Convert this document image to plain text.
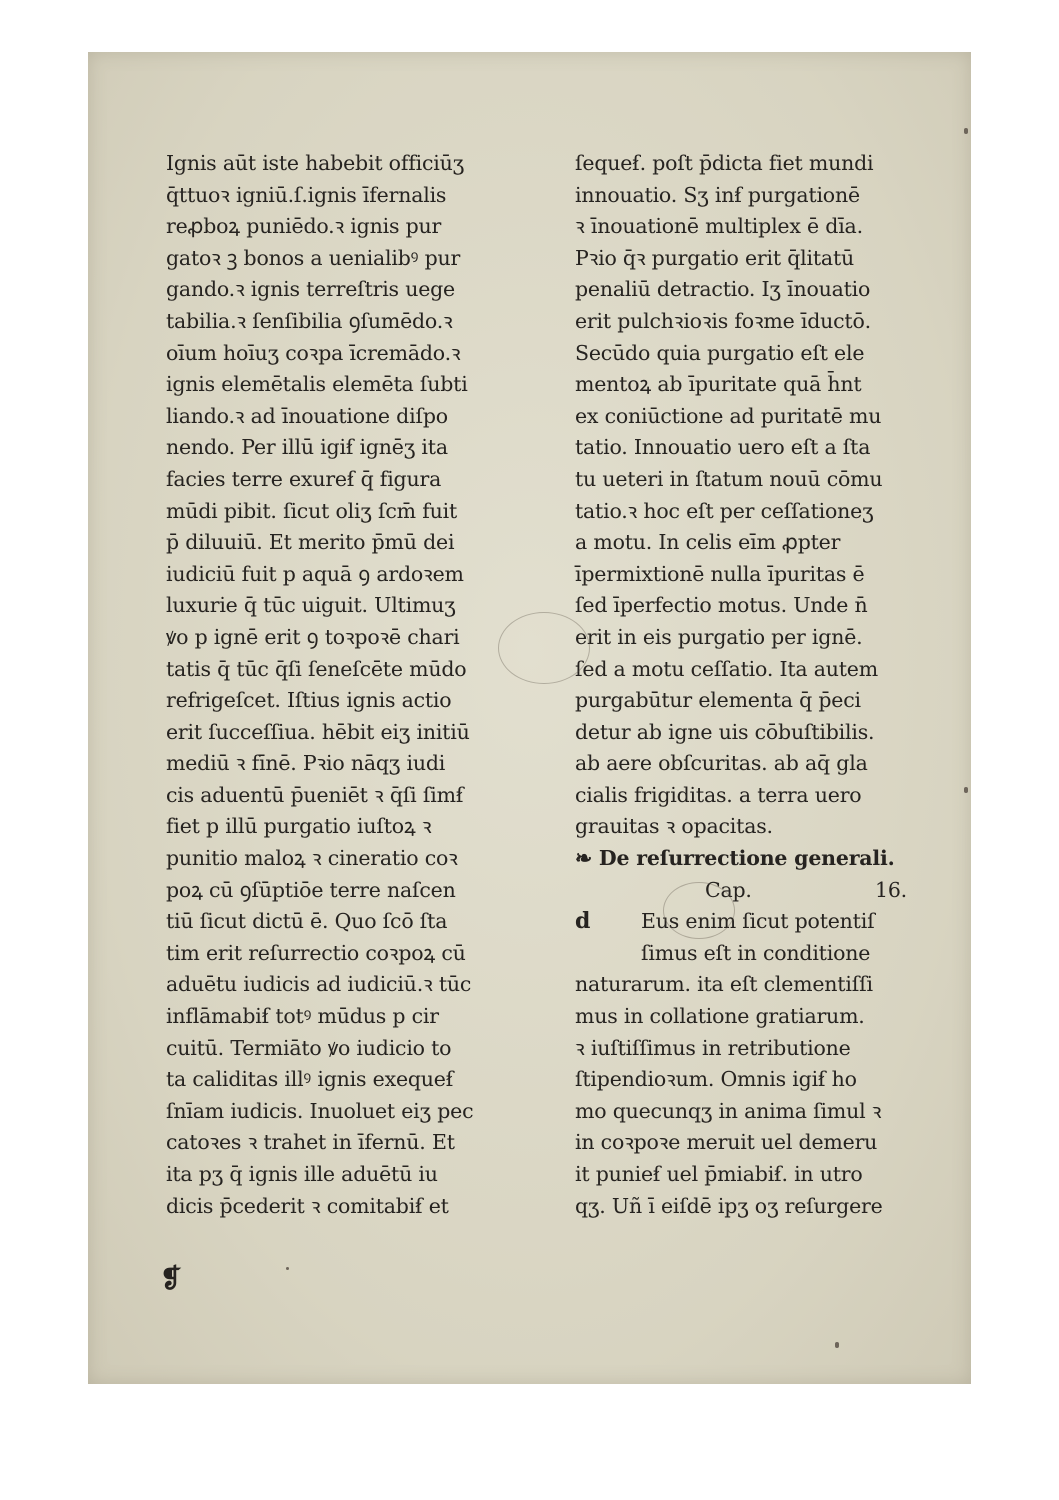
Ignis aūt iste habebit officiūʒ
q̄ttuoꝛ igniū.ſ.ignis īfernalis
reꝓboꝝ puniēdo.ꝛ ignis pur
gatoꝛ ꝫ bonos a uenialibꝰ pur
gando.ꝛ ignis terreſtris uege
tabilia.ꝛ ſenſibilia ꝯſumēdo.ꝛ
oīum hoīuʒ coꝛpa īcremādo.ꝛ
ignis elemētalis elemēta ſubti
liando.ꝛ ad īnouatione diſpo
nendo. Per illū igiẜ ignēʒ ita
facies terre exureẜ q̄ figura
mūdi pibit. ſicut oliʒ ſcm̄ fuit
p̄ diluuiū. Et merito p̄mū dei
iudiciū fuit p aquā ꝯ ardoꝛem
luxurie q̄ tūc uiguit. Ultimuʒ
ꝟo p ignē erit ꝯ toꝛpoꝛē chari
tatis q̄ tūc q̄ſi ſeneſcēte mūdo
refrigeſcet. Iſtius ignis actio
erit ſucceſſiua. hēbit eiʒ initiū
mediū ꝛ fīnē. Pꝛio nāqʒ iudi
cis aduentū p̄ueniēt ꝛ q̄ſi ſimẜ
fiet p illū purgatio iuſtoꝝ ꝛ
punitio maloꝝ ꝛ cineratio coꝛ
poꝝ cū ꝯſūptiōe terre naſcen
tiū ſicut dictū ē. Quo ſcō ſta
tim erit reſurrectio coꝛpoꝝ cū
aduētu iudicis ad iudiciū.ꝛ tūc
inflāmabiẜ totꝰ mūdus p cir
cuitū. Termiāto ꝟo iudicio to
ta caliditas illꝰ ignis exequeẜ
ſnīam iudicis. Inuoluet eiʒ pec
catoꝛes ꝛ trahet in īfernū. Et
ita pʒ q̄ ignis ille aduētū iu
dicis p̄cederit ꝛ comitabiẜ et
ſequeẜ. poſt p̄dicta fiet mundi
innouatio. Sʒ inẜ purgationē
ꝛ īnouationē multiplex ē dīa.
Pꝛio q̄ꝛ purgatio erit q̄litatū
penaliū detractio. Iʒ īnouatio
erit pulchꝛioꝛis foꝛme īductō.
Secūdo quia purgatio eſt ele
mentoꝝ ab īpuritate quā h̄nt
ex coniūctione ad puritatē mu
tatio. Innouatio uero eſt a ſta
tu ueteri in ſtatum nouū cōmu
tatio.ꝛ hoc eſt per ceſſationeʒ
a motu. In celis eīm ꝓpter
īpermixtionē nulla īpuritas ē
ſed īperfectio motus. Unde n̄
erit in eis purgatio per ignē.
ſed a motu ceſſatio. Ita autem
purgabūtur elementa q̄ p̄eci
detur ab igne uis cōbuſtibilis.
ab aere obſcuritas. ab aq̄ gla
cialis frigiditas. a terra uero
grauitas ꝛ opacitas.
❧ De reſurrectione generali.
Cap.	16.
d Eus enim ſicut potentiſ
ſimus eſt in conditione
naturarum. ita eſt clementiſſi
mus in collatione gratiarum.
ꝛ iuſtiſſimus in retributione
ſtipendioꝛum. Omnis igiẜ ho
mo quecunqʒ in anima ſimul ꝛ
in coꝛpoꝛe meruit uel demeru
it punieẜ uel p̄miabiẜ. in utro
qʒ. Uñ ī eiſdē ipʒ oʒ reſurgere
❡
